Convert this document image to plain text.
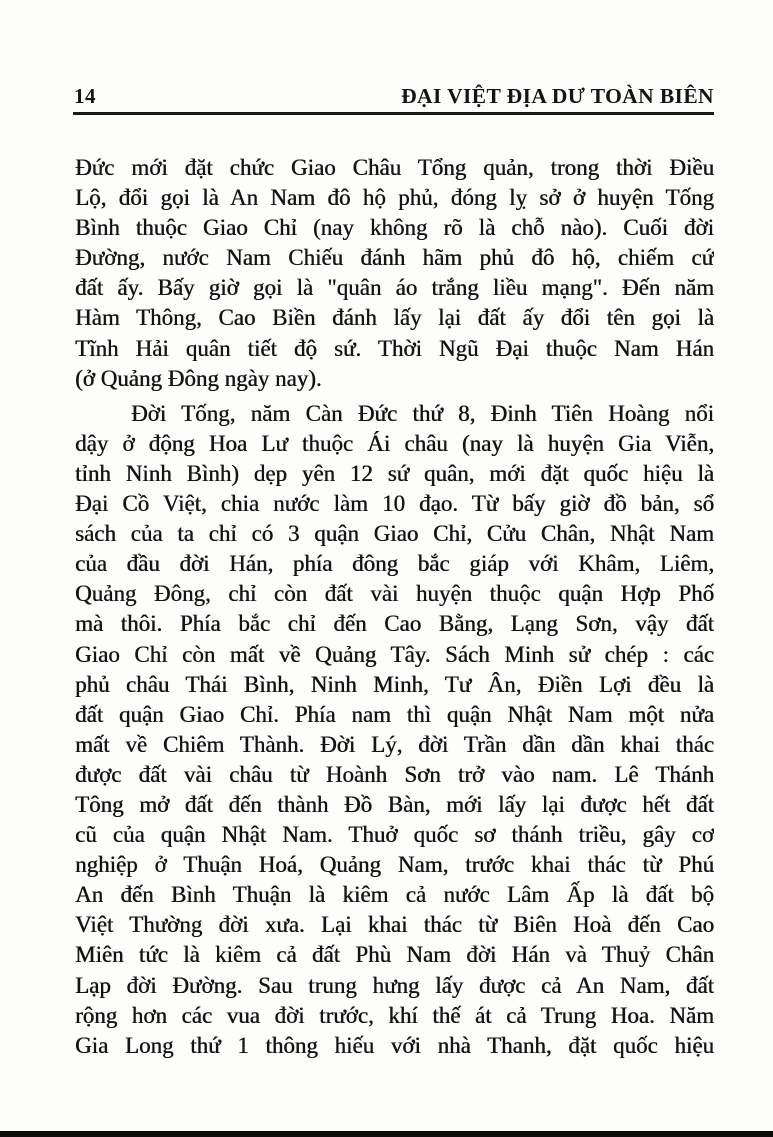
14	ĐẠI VIỆT ĐỊA DƯ TOÀN BIÊN
Đức mới đặt chức Giao Châu Tổng quản, trong thời Điều
Lộ, đổi gọi là An Nam đô hộ phủ, đóng lỵ sở ở huyện Tống
Bình thuộc Giao Chỉ (nay không rõ là chỗ nào). Cuối đời
Đường, nước Nam Chiếu đánh hãm phủ đô hộ, chiếm cứ
đất ấy. Bấy giờ gọi là "quân áo trắng liều mạng". Đến năm
Hàm Thông, Cao Biền đánh lấy lại đất ấy đổi tên gọi là
Tĩnh Hải quân tiết độ sứ. Thời Ngũ Đại thuộc Nam Hán
(ở Quảng Đông ngày nay).
Đời Tống, năm Càn Đức thứ 8, Đinh Tiên Hoàng nổi
dậy ở động Hoa Lư thuộc Ái châu (nay là huyện Gia Viễn,
tỉnh Ninh Bình) dẹp yên 12 sứ quân, mới đặt quốc hiệu là
Đại Cồ Việt, chia nước làm 10 đạo. Từ bấy giờ đồ bản, sổ
sách của ta chỉ có 3 quận Giao Chỉ, Cửu Chân, Nhật Nam
của đầu đời Hán, phía đông bắc giáp với Khâm, Liêm,
Quảng Đông, chỉ còn đất vài huyện thuộc quận Hợp Phố
mà thôi. Phía bắc chỉ đến Cao Bằng, Lạng Sơn, vậy đất
Giao Chỉ còn mất về Quảng Tây. Sách Minh sử chép : các
phủ châu Thái Bình, Ninh Minh, Tư Ân, Điền Lợi đều là
đất quận Giao Chỉ. Phía nam thì quận Nhật Nam một nửa
mất về Chiêm Thành. Đời Lý, đời Trần dần dần khai thác
được đất vài châu từ Hoành Sơn trở vào nam. Lê Thánh
Tông mở đất đến thành Đồ Bàn, mới lấy lại được hết đất
cũ của quận Nhật Nam. Thuở quốc sơ thánh triều, gây cơ
nghiệp ở Thuận Hoá, Quảng Nam, trước khai thác từ Phú
An đến Bình Thuận là kiêm cả nước Lâm Ấp là đất bộ
Việt Thường đời xưa. Lại khai thác từ Biên Hoà đến Cao
Miên tức là kiêm cả đất Phù Nam đời Hán và Thuỷ Chân
Lạp đời Đường. Sau trung hưng lấy được cả An Nam, đất
rộng hơn các vua đời trước, khí thế át cả Trung Hoa. Năm
Gia Long thứ 1 thông hiếu với nhà Thanh, đặt quốc hiệu
